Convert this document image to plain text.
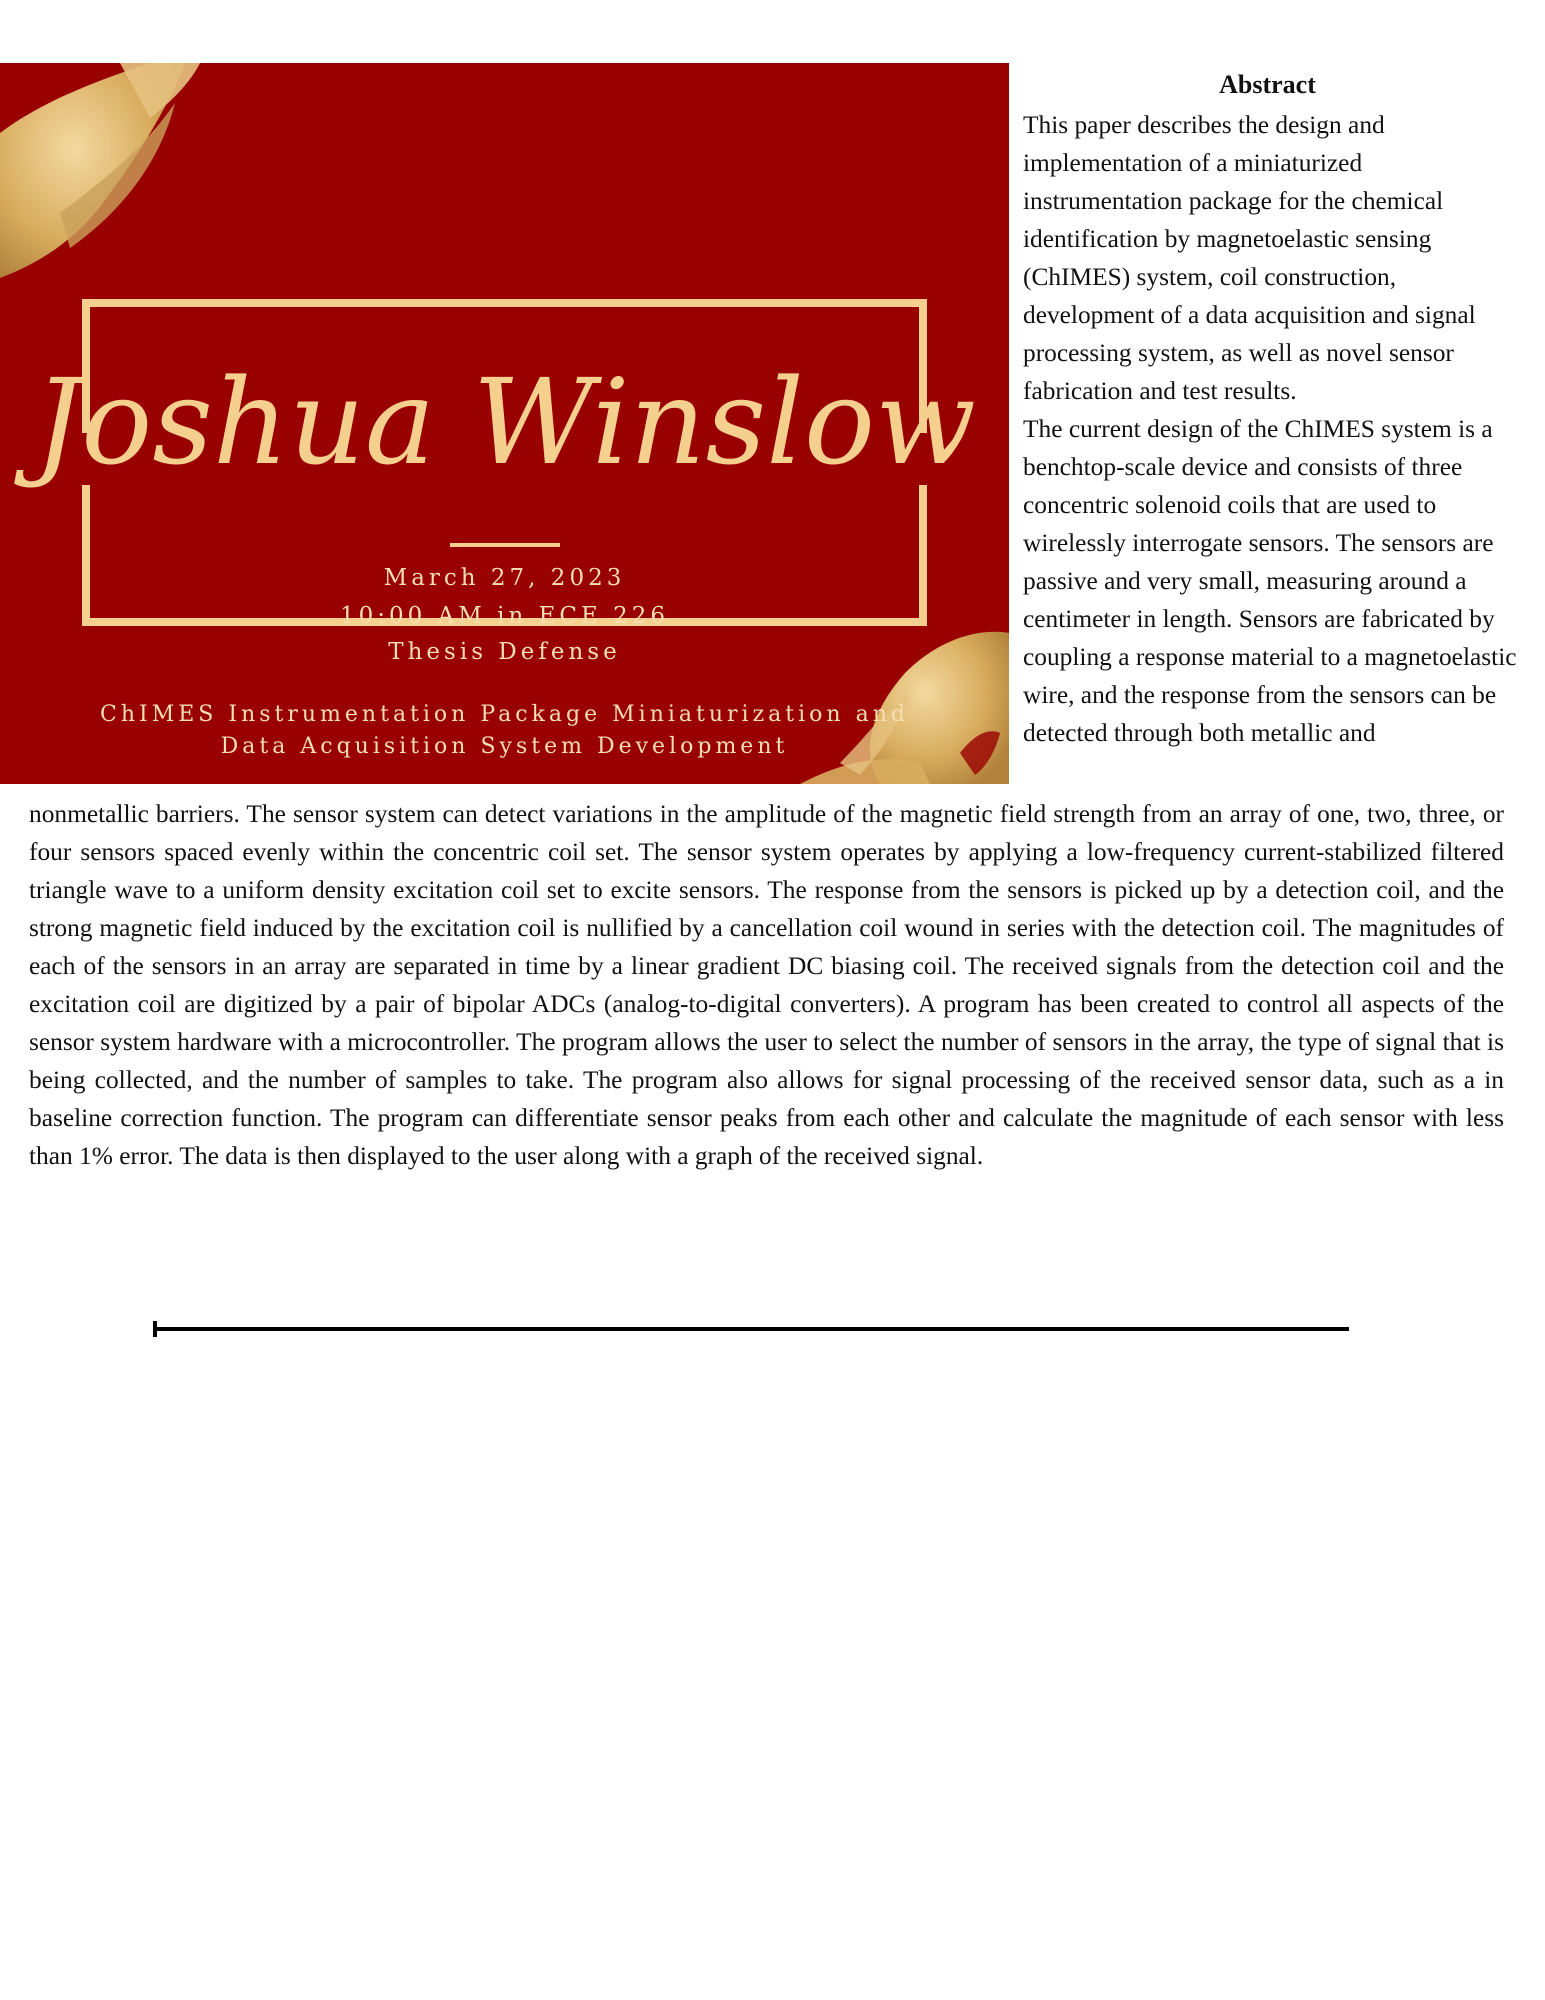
Joshua Winslow
March 27, 2023
10:00 AM in ECE 226
Thesis Defense
ChIMES Instrumentation Package Miniaturization and
Data Acquisition System Development
Abstract

This paper describes the design and implementation of a miniaturized instrumentation package for the chemical identification by magnetoelastic sensing (ChIMES) system, coil construction, development of a data acquisition and signal processing system, as well as novel sensor fabrication and test results.

The current design of the ChIMES system is a benchtop-scale device and consists of three concentric solenoid coils that are used to wirelessly interrogate sensors. The sensors are passive and very small, measuring around a centimeter in length. Sensors are fabricated by coupling a response material to a magnetoelastic wire, and the response from the sensors can be detected through both metallic and

nonmetallic barriers. The sensor system can detect variations in the amplitude of the magnetic field strength from an array of one, two, three, or four sensors spaced evenly within the concentric coil set. The sensor system operates by applying a low-frequency current-stabilized filtered triangle wave to a uniform density excitation coil set to excite sensors. The response from the sensors is picked up by a detection coil, and the strong magnetic field induced by the excitation coil is nullified by a cancellation coil wound in series with the detection coil. The magnitudes of each of the sensors in an array are separated in time by a linear gradient DC biasing coil. The received signals from the detection coil and the excitation coil are digitized by a pair of bipolar ADCs (analog-to-digital converters). A program has been created to control all aspects of the sensor system hardware with a microcontroller. The program allows the user to select the number of sensors in the array, the type of signal that is being collected, and the number of samples to take. The program also allows for signal processing of the received sensor data, such as a in baseline correction function. The program can differentiate sensor peaks from each other and calculate the magnitude of each sensor with less than 1% error. The data is then displayed to the user along with a graph of the received signal.
